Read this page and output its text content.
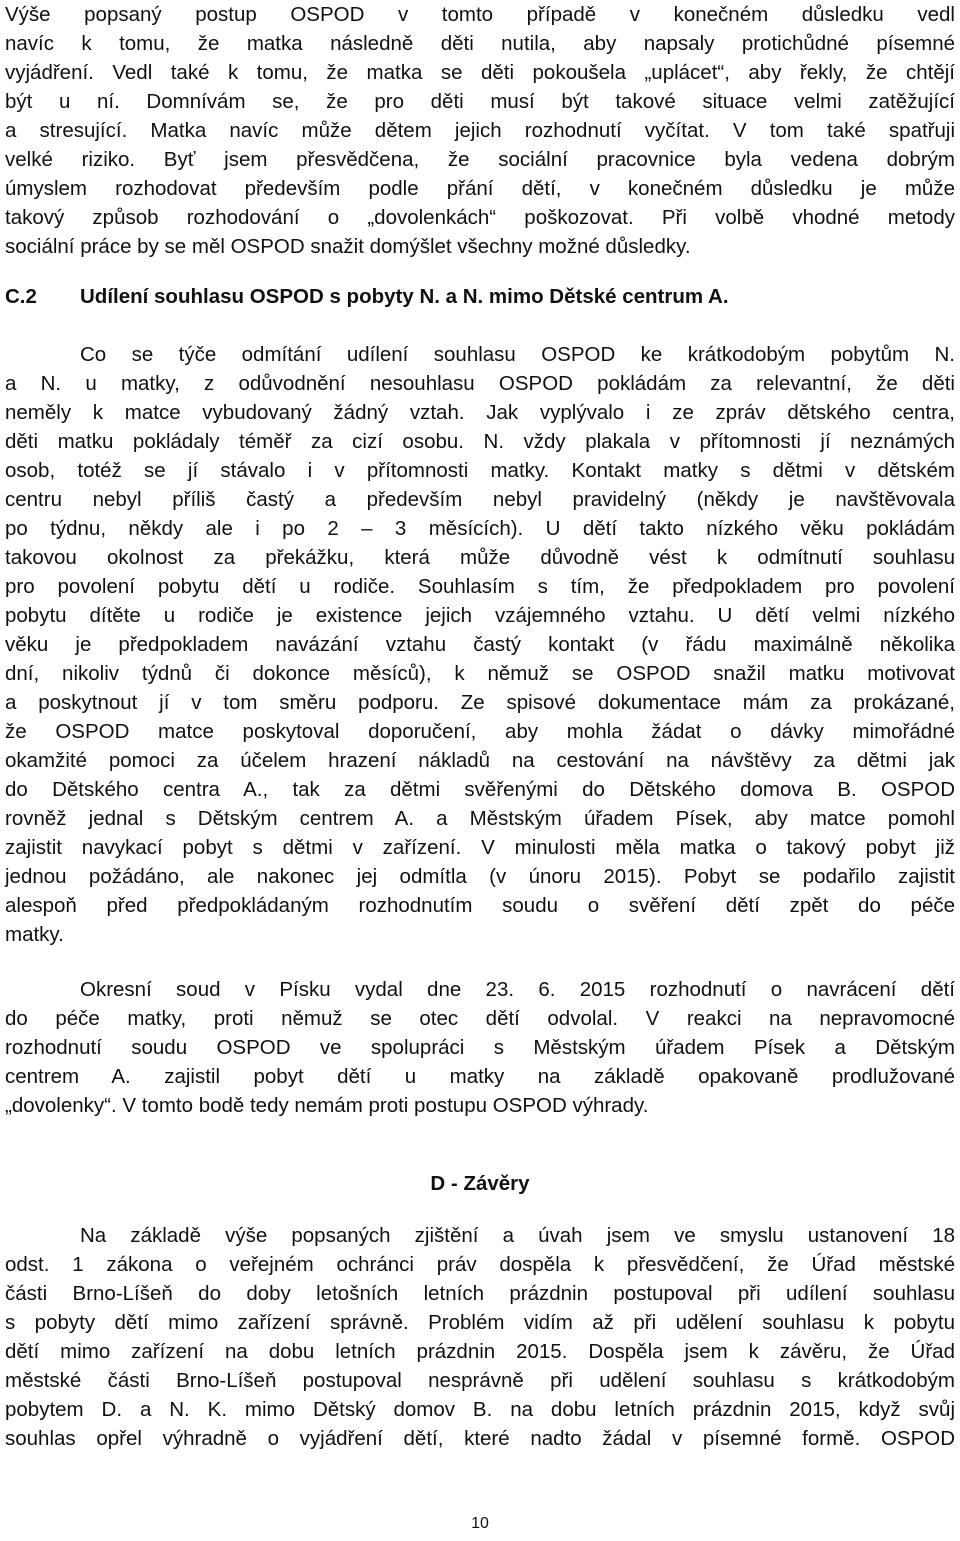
Výše popsaný postup OSPOD v tomto případě v konečném důsledku vedl
navíc k tomu, že matka následně děti nutila, aby napsaly protichůdné písemné
vyjádření. Vedl také k tomu, že matka se děti pokoušela „uplácet“, aby řekly, že chtějí
být u ní. Domnívám se, že pro děti musí být takové situace velmi zatěžující
a stresující. Matka navíc může dětem jejich rozhodnutí vyčítat. V tom také spatřuji
velké riziko. Byť jsem přesvědčena, že sociální pracovnice byla vedena dobrým
úmyslem rozhodovat především podle přání dětí, v konečném důsledku je může
takový způsob rozhodování o „dovolenkách“ poškozovat. Při volbě vhodné metody
sociální práce by se měl OSPOD snažit domýšlet všechny možné důsledky.
C.2 Udílení souhlasu OSPOD s pobyty N. a N. mimo Dětské centrum A.
Co se týče odmítání udílení souhlasu OSPOD ke krátkodobým pobytům N.
a N. u matky, z odůvodnění nesouhlasu OSPOD pokládám za relevantní, že děti
neměly k matce vybudovaný žádný vztah. Jak vyplývalo i ze zpráv dětského centra,
děti matku pokládaly téměř za cizí osobu. N. vždy plakala v přítomnosti jí neznámých
osob, totéž se jí stávalo i v přítomnosti matky. Kontakt matky s dětmi v dětském
centru nebyl příliš častý a především nebyl pravidelný (někdy je navštěvovala
po týdnu, někdy ale i po 2 – 3 měsících). U dětí takto nízkého věku pokládám
takovou okolnost za překážku, která může důvodně vést k odmítnutí souhlasu
pro povolení pobytu dětí u rodiče. Souhlasím s tím, že předpokladem pro povolení
pobytu dítěte u rodiče je existence jejich vzájemného vztahu. U dětí velmi nízkého
věku je předpokladem navázání vztahu častý kontakt (v řádu maximálně několika
dní, nikoliv týdnů či dokonce měsíců), k němuž se OSPOD snažil matku motivovat
a poskytnout jí v tom směru podporu. Ze spisové dokumentace mám za prokázané,
že OSPOD matce poskytoval doporučení, aby mohla žádat o dávky mimořádné
okamžité pomoci za účelem hrazení nákladů na cestování na návštěvy za dětmi jak
do Dětského centra A., tak za dětmi svěřenými do Dětského domova B. OSPOD
rovněž jednal s Dětským centrem A. a Městským úřadem Písek, aby matce pomohl
zajistit navykací pobyt s dětmi v zařízení. V minulosti měla matka o takový pobyt již
jednou požádáno, ale nakonec jej odmítla (v únoru 2015). Pobyt se podařilo zajistit
alespoň před předpokládaným rozhodnutím soudu o svěření dětí zpět do péče
matky.
Okresní soud v Písku vydal dne 23. 6. 2015 rozhodnutí o navrácení dětí
do péče matky, proti němuž se otec dětí odvolal. V reakci na nepravomocné
rozhodnutí soudu OSPOD ve spolupráci s Městským úřadem Písek a Dětským
centrem A. zajistil pobyt dětí u matky na základě opakovaně prodlužované
„dovolenky“. V tomto bodě tedy nemám proti postupu OSPOD výhrady.
D - Závěry
Na základě výše popsaných zjištění a úvah jsem ve smyslu ustanovení 18
odst. 1 zákona o veřejném ochránci práv dospěla k přesvědčení, že Úřad městské
části Brno-Líšeň do doby letošních letních prázdnin postupoval při udílení souhlasu
s pobyty dětí mimo zařízení správně. Problém vidím až při udělení souhlasu k pobytu
dětí mimo zařízení na dobu letních prázdnin 2015. Dospěla jsem k závěru, že Úřad
městské části Brno-Líšeň postupoval nesprávně při udělení souhlasu s krátkodobým
pobytem D. a N. K. mimo Dětský domov B. na dobu letních prázdnin 2015, když svůj
souhlas opřel výhradně o vyjádření dětí, které nadto žádal v písemné formě. OSPOD
10
